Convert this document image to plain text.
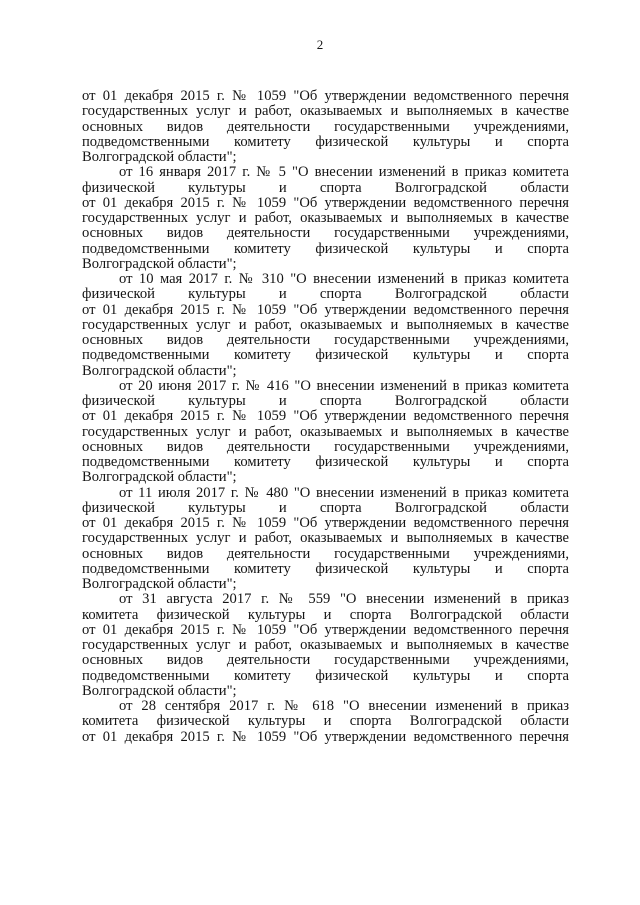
2

от 01 декабря 2015 г. № 1059 "Об утверждении ведомственного перечня
государственных услуг и работ, оказываемых и выполняемых в качестве
основных видов деятельности государственными учреждениями,
подведомственными комитету физической культуры и спорта
Волгоградской области";

от 16 января 2017 г. № 5 "О внесении изменений в приказ комитета
физической культуры и спорта Волгоградской области
от 01 декабря 2015 г. № 1059 "Об утверждении ведомственного перечня
государственных услуг и работ, оказываемых и выполняемых в качестве
основных видов деятельности государственными учреждениями,
подведомственными комитету физической культуры и спорта
Волгоградской области";

от 10 мая 2017 г. № 310 "О внесении изменений в приказ комитета
физической культуры и спорта Волгоградской области
от 01 декабря 2015 г. № 1059 "Об утверждении ведомственного перечня
государственных услуг и работ, оказываемых и выполняемых в качестве
основных видов деятельности государственными учреждениями,
подведомственными комитету физической культуры и спорта
Волгоградской области";

от 20 июня 2017 г. № 416 "О внесении изменений в приказ комитета
физической культуры и спорта Волгоградской области
от 01 декабря 2015 г. № 1059 "Об утверждении ведомственного перечня
государственных услуг и работ, оказываемых и выполняемых в качестве
основных видов деятельности государственными учреждениями,
подведомственными комитету физической культуры и спорта
Волгоградской области";

от 11 июля 2017 г. № 480 "О внесении изменений в приказ комитета
физической культуры и спорта Волгоградской области
от 01 декабря 2015 г. № 1059 "Об утверждении ведомственного перечня
государственных услуг и работ, оказываемых и выполняемых в качестве
основных видов деятельности государственными учреждениями,
подведомственными комитету физической культуры и спорта
Волгоградской области";

от 31 августа 2017 г. № 559 "О внесении изменений в приказ
комитета физической культуры и спорта Волгоградской области
от 01 декабря 2015 г. № 1059 "Об утверждении ведомственного перечня
государственных услуг и работ, оказываемых и выполняемых в качестве
основных видов деятельности государственными учреждениями,
подведомственными комитету физической культуры и спорта
Волгоградской области";

от 28 сентября 2017 г. № 618 "О внесении изменений в приказ
комитета физической культуры и спорта Волгоградской области
от 01 декабря 2015 г. № 1059 "Об утверждении ведомственного перечня
